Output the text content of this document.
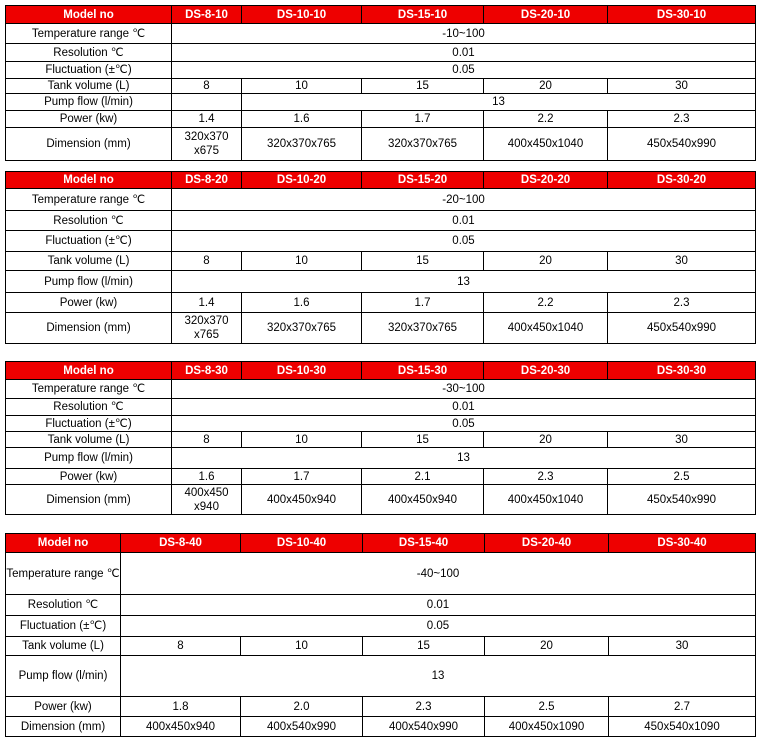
Model no	DS-8-10	DS-10-10	DS-15-10	DS-20-10	DS-30-10
Temperature range ℃	-10~100				
Resolution ℃	0.01				
Fluctuation (±℃)	0.05				
Tank volume (L)	8	10	15	20	30
Pump flow (l/min)		13			
Power (kw)	1.4	1.6	1.7	2.2	2.3
Dimension (mm)	320x370 x675	320x370x765	320x370x765	400x450x1040	450x540x990
Model no	DS-8-20	DS-10-20	DS-15-20	DS-20-20	DS-30-20
Temperature range ℃	-20~100				
Resolution ℃	0.01				
Fluctuation (±℃)	0.05				
Tank volume (L)	8	10	15	20	30
Pump flow (l/min)	13				
Power (kw)	1.4	1.6	1.7	2.2	2.3
Dimension (mm)	320x370 x765	320x370x765	320x370x765	400x450x1040	450x540x990
Model no	DS-8-30	DS-10-30	DS-15-30	DS-20-30	DS-30-30
Temperature range ℃	-30~100				
Resolution ℃	0.01				
Fluctuation (±℃)	0.05				
Tank volume (L)	8	10	15	20	30
Pump flow (l/min)	13				
Power (kw)	1.6	1.7	2.1	2.3	2.5
Dimension (mm)	400x450 x940	400x450x940	400x450x940	400x450x1040	450x540x990
Model no	DS-8-40	DS-10-40	DS-15-40	DS-20-40	DS-30-40
Temperature range ℃	-40~100				
Resolution ℃	0.01				
Fluctuation (±℃)	0.05				
Tank volume (L)	8	10	15	20	30
Pump flow (l/min)	13				
Power (kw)	1.8	2.0	2.3	2.5	2.7
Dimension (mm)	400x450x940	400x540x990	400x540x990	400x450x1090	450x540x1090
